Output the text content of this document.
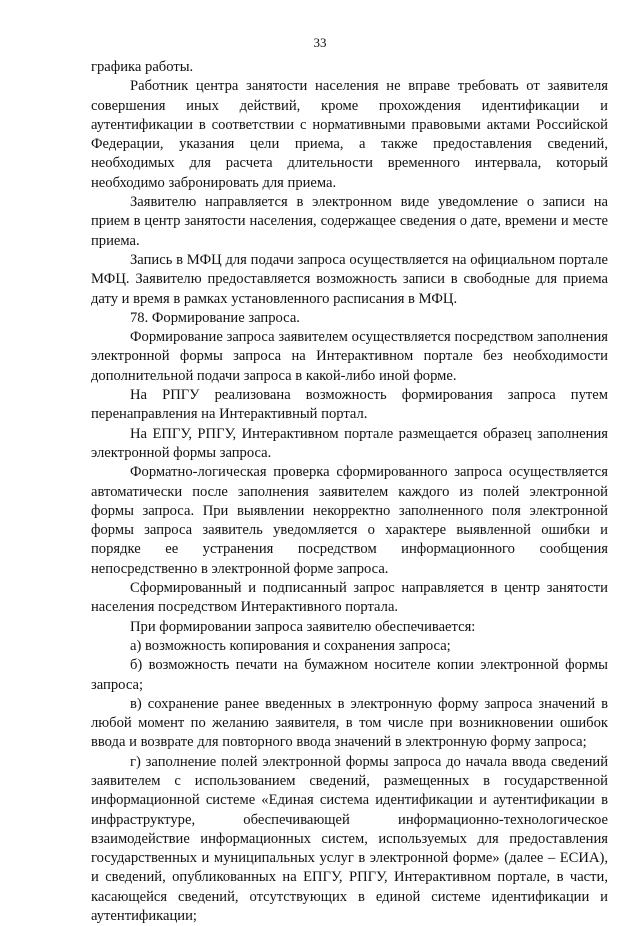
33

графика работы.

Работник центра занятости населения не вправе требовать от заявителя совершения иных действий, кроме прохождения идентификации и аутентификации в соответствии с нормативными правовыми актами Российской Федерации, указания цели приема, а также предоставления сведений, необходимых для расчета длительности временного интервала, который необходимо забронировать для приема.

Заявителю направляется в электронном виде уведомление о записи на прием в центр занятости населения, содержащее сведения о дате, времени и месте приема.

Запись в МФЦ для подачи запроса осуществляется на официальном портале МФЦ. Заявителю предоставляется возможность записи в свободные для приема дату и время в рамках установленного расписания в МФЦ.

78. Формирование запроса.

Формирование запроса заявителем осуществляется посредством заполнения электронной формы запроса на Интерактивном портале без необходимости дополнительной подачи запроса в какой-либо иной форме.

На РПГУ реализована возможность формирования запроса путем перенаправления на Интерактивный портал.

На ЕПГУ, РПГУ, Интерактивном портале размещается образец заполнения электронной формы запроса.

Форматно-логическая проверка сформированного запроса осуществляется автоматически после заполнения заявителем каждого из полей электронной формы запроса. При выявлении некорректно заполненного поля электронной формы запроса заявитель уведомляется о характере выявленной ошибки и порядке ее устранения посредством информационного сообщения непосредственно в электронной форме запроса.

Сформированный и подписанный запрос направляется в центр занятости населения посредством Интерактивного портала.

При формировании запроса заявителю обеспечивается:

а) возможность копирования и сохранения запроса;

б) возможность печати на бумажном носителе копии электронной формы запроса;

в) сохранение ранее введенных в электронную форму запроса значений в любой момент по желанию заявителя, в том числе при возникновении ошибок ввода и возврате для повторного ввода значений в электронную форму запроса;

г) заполнение полей электронной формы запроса до начала ввода сведений заявителем с использованием сведений, размещенных в государственной информационной системе «Единая система идентификации и аутентификации в инфраструктуре, обеспечивающей информационно-технологическое взаимодействие информационных систем, используемых для предоставления государственных и муниципальных услуг в электронной форме» (далее – ЕСИА), и сведений, опубликованных на ЕПГУ, РПГУ, Интерактивном портале, в части, касающейся сведений, отсутствующих в единой системе идентификации и аутентификации;
